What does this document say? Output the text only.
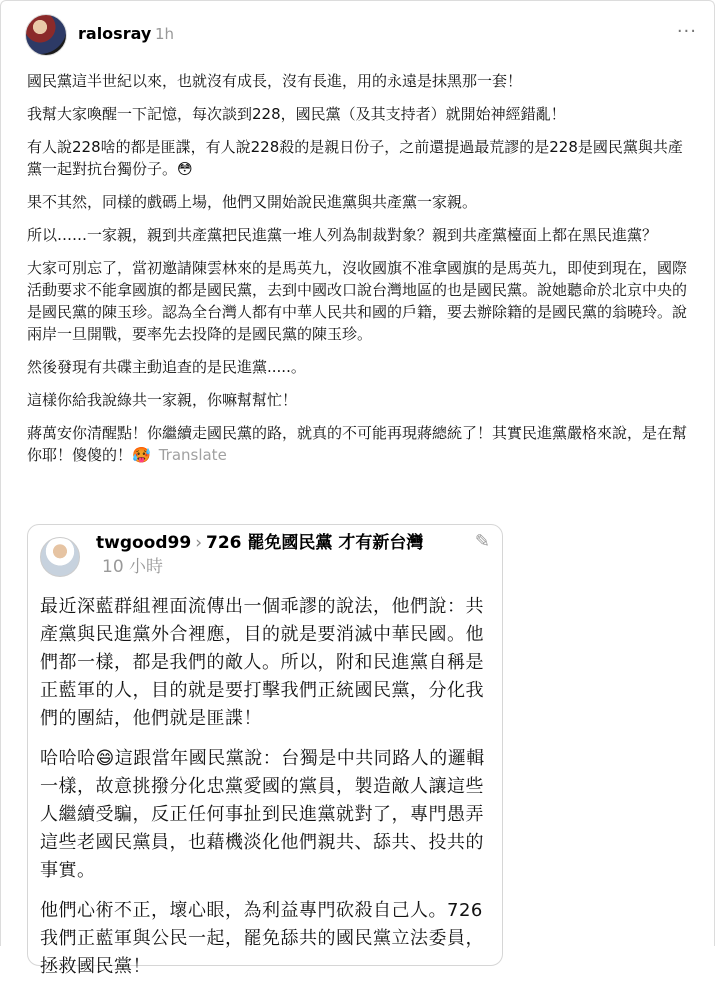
ralosray 1h	···

國民黨這半世紀以來，也就沒有成長，沒有長進，用的永遠是抹黑那一套！

我幫大家喚醒一下記憶，每次談到228，國民黨（及其支持者）就開始神經錯亂！

有人說228啥的都是匪諜，有人說228殺的是親日份子，之前還提過最荒謬的是228是國民黨與共產黨一起對抗台獨份子。😳

果不其然，同樣的戲碼上場，他們又開始說民進黨與共產黨一家親。

所以……一家親，親到共產黨把民進黨一堆人列為制裁對象？親到共產黨檯面上都在黑民進黨？

大家可別忘了，當初邀請陳雲林來的是馬英九，沒收國旗不准拿國旗的是馬英九，即使到現在，國際活動要求不能拿國旗的都是國民黨，去到中國改口說台灣地區的也是國民黨。說她聽命於北京中央的是國民黨的陳玉珍。認為全台灣人都有中華人民共和國的戶籍，要去辦除籍的是國民黨的翁曉玲。說兩岸一旦開戰，要率先去投降的是國民黨的陳玉珍。

然後發現有共碟主動追查的是民進黨.....。

這樣你給我說綠共一家親，你嘛幫幫忙！

蔣萬安你清醒點！你繼續走國民黨的路，就真的不可能再現蔣總統了！其實民進黨嚴格來說，是在幫你耶！傻傻的！🥵 Translate

twgood99 › 726 罷免國民黨 才有新台灣10 小時
✎

最近深藍群組裡面流傳出一個乖謬的說法，他們說：共產黨與民進黨外合裡應，目的就是要消滅中華民國。他們都一樣，都是我們的敵人。所以，附和民進黨自稱是正藍軍的人，目的就是要打擊我們正統國民黨，分化我們的團結，他們就是匪諜！

哈哈哈😄這跟當年國民黨說：台獨是中共同路人的邏輯一樣，故意挑撥分化忠黨愛國的黨員，製造敵人讓這些人繼續受騙，反正任何事扯到民進黨就對了，專門愚弄這些老國民黨員，也藉機淡化他們親共、舔共、投共的事實。

他們心術不正，壞心眼，為利益專門砍殺自己人。726我們正藍軍與公民一起，罷免舔共的國民黨立法委員，拯救國民黨！
